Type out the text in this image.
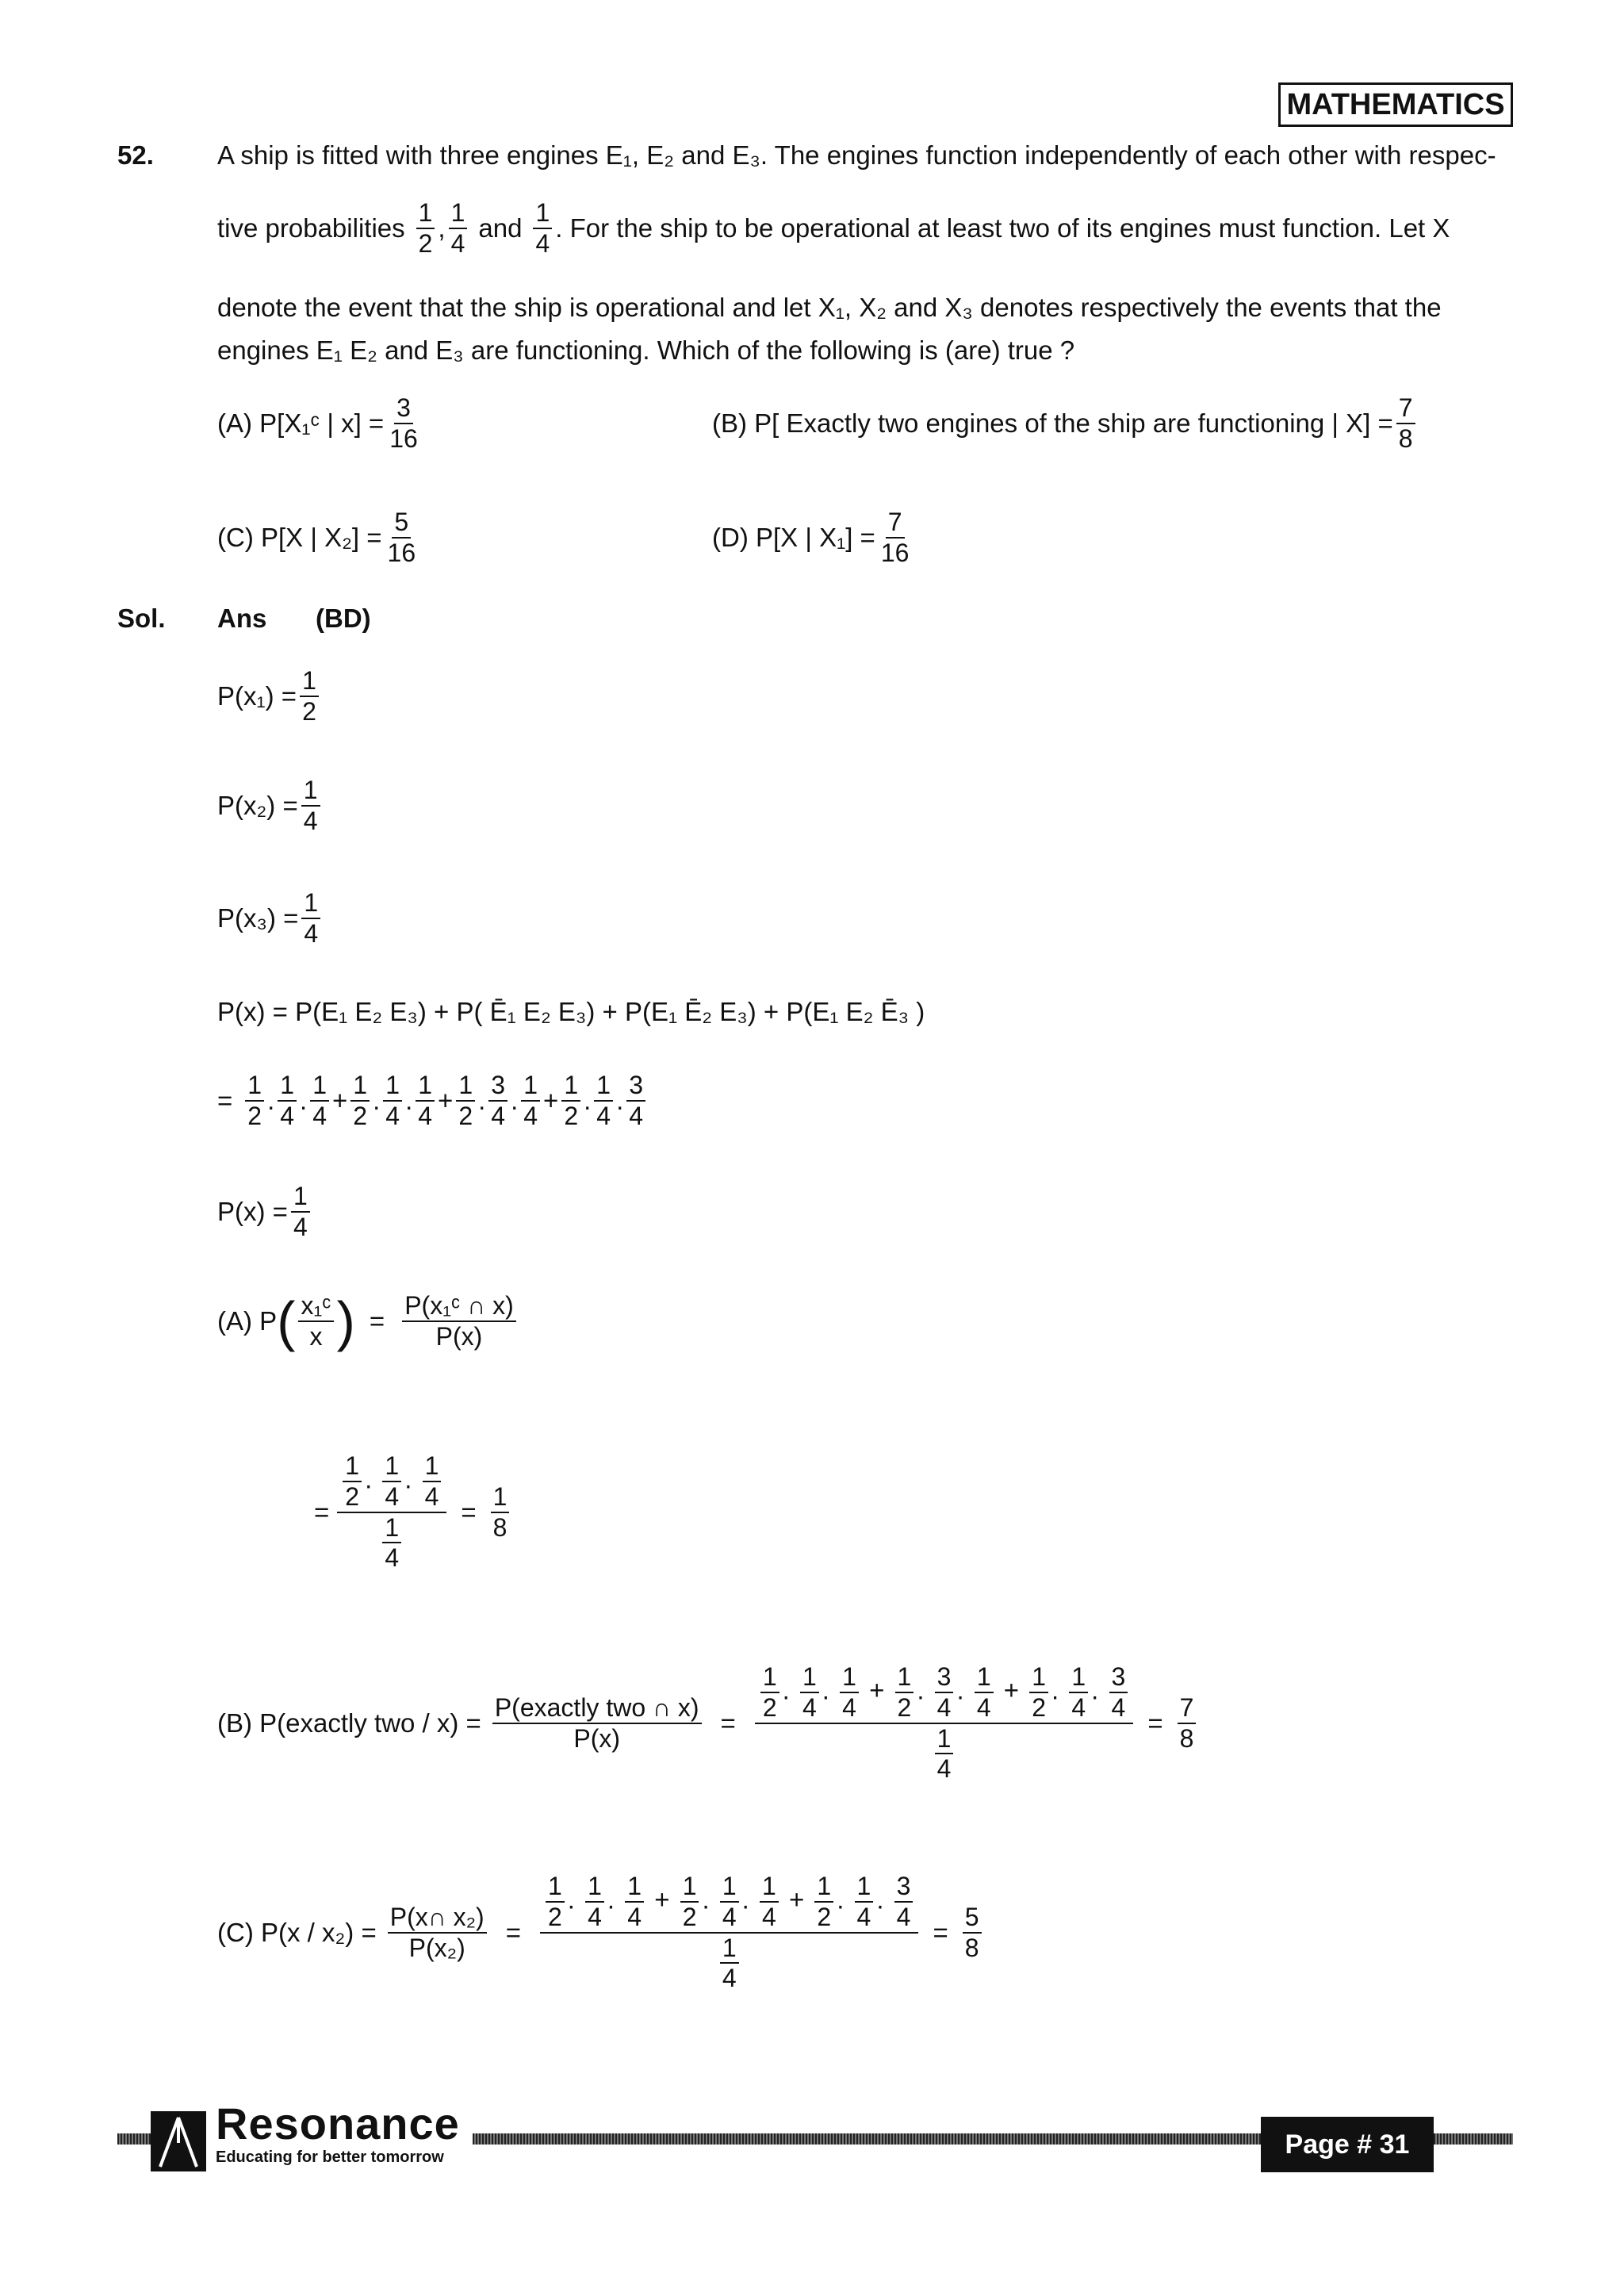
MATHEMATICS
52. A ship is fitted with three engines E₁, E₂ and E₃. The engines function independently of each other with respec-
tive probabilities $\frac{1}{2}$ , $\frac{1}{4}$ and $\frac{1}{4}$ . For the ship to be operational at least two of its engines must function. Let X
denote the event that the ship is operational and let X₁, X₂ and X₃ denotes respectively the events that the
engines E₁ E₂ and E₃ are functioning. Which of the following is (are) true ?
(A) P[X₁ᶜ | $x] = \frac{3}{16}$	(B) P[ Exactly two engines of the ship are functioning | $X] = \frac{7}{8}$
(C) P[X | $X_2] = \frac{5}{16}$	(D) P[X | $X_1] = \frac{7}{16}$
Sol. Ans (BD)
$P(x_1) = \frac{1}{2}$
$P(x_2) = \frac{1}{4}$
$P(x_3) = \frac{1}{4}$
P(x) = P(E₁ E₂ E₃) + P( Ē₁ E₂ E₃) + P(E₁ Ē₂ E₃) + P(E₁ E₂ Ē₃ )
= $\frac{1}{2}$ . $\frac{1}{4}$ . $\frac{1}{4} + \frac{1}{2}$ . $\frac{1}{4}$ . $\frac{1}{4} + \frac{1}{2}$ . $\frac{3}{4}$ . $\frac{1}{4} + \frac{1}{2}$ . $\frac{1}{4}$ . $\frac{3}{4}$
$P(x) = \frac{1}{4}$
(A) P ( $\frac{\text{x₁ᶜ}}{x}$ ) = $\frac{\text{P(x₁ᶜ ∩ x)}}{P(x)}$
= $\frac{\frac{1}{2} . \frac{1}{4} . \frac{1}{4}}{\frac{1}{4}} = \frac{1}{8}$
(B) P(exactly two / $x) = \frac{\text{P(exactly two ∩ x)}}{P(x)}$ =
$\frac{1}{2}$ . $\frac{1}{4}$ . $\frac{1}{4} + \frac{1}{2}$ . $\frac{3}{4}$ . $\frac{1}{4} + \frac{1}{2}$ . $\frac{1}{4}$ . $\frac{3}{4}$
$\frac{1}{4}$
= $\frac{7}{8}$
(C) $P(x / x_2) = \frac{\text{P(x∩ x₂)}}{\text{P(x₂)}}$ =
$\frac{1}{2}$ . $\frac{1}{4}$ . $\frac{1}{4} + \frac{1}{2}$ . $\frac{1}{4}$ . $\frac{1}{4} + \frac{1}{2}$ . $\frac{1}{4}$ . $\frac{3}{4}$
$\frac{1}{4}$
= $\frac{5}{8}$
Resonance
Educating for better tomorrow	Page # 31
